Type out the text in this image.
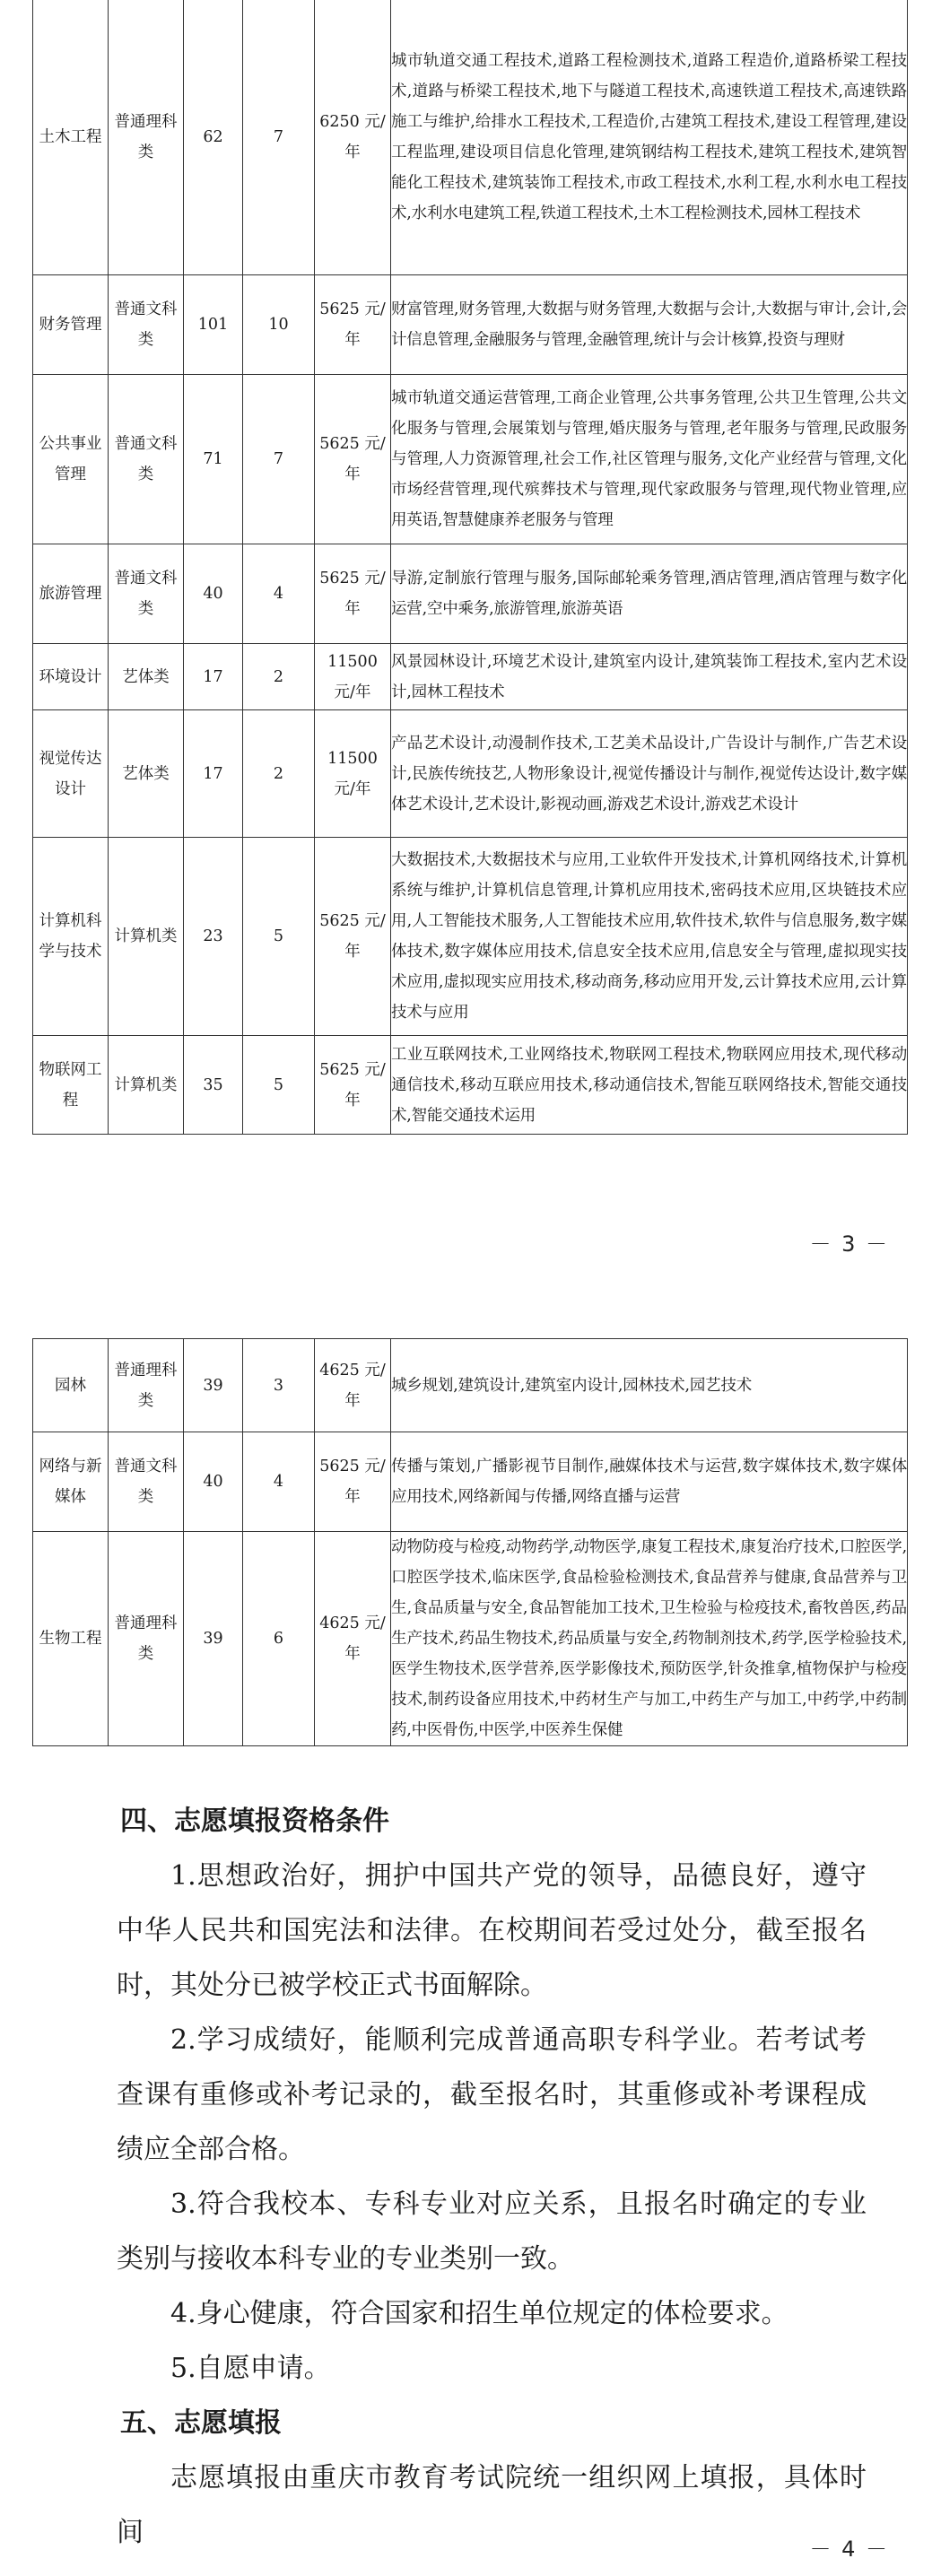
土木工程	普通理科类	62	7	6250 元/年	城市轨道交通工程技术,道路工程检测技术,道路工程造价,道路桥梁工程技术,道路与桥梁工程技术,地下与隧道工程技术,高速铁道工程技术,高速铁路施工与维护,给排水工程技术,工程造价,古建筑工程技术,建设工程管理,建设工程监理,建设项目信息化管理,建筑钢结构工程技术,建筑工程技术,建筑智能化工程技术,建筑装饰工程技术,市政工程技术,水利工程,水利水电工程技术,水利水电建筑工程,铁道工程技术,土木工程检测技术,园林工程技术
财务管理	普通文科类	101	10	5625 元/年	财富管理,财务管理,大数据与财务管理,大数据与会计,大数据与审计,会计,会计信息管理,金融服务与管理,金融管理,统计与会计核算,投资与理财
公共事业管理	普通文科类	71	7	5625 元/年	城市轨道交通运营管理,工商企业管理,公共事务管理,公共卫生管理,公共文化服务与管理,会展策划与管理,婚庆服务与管理,老年服务与管理,民政服务与管理,人力资源管理,社会工作,社区管理与服务,文化产业经营与管理,文化市场经营管理,现代殡葬技术与管理,现代家政服务与管理,现代物业管理,应用英语,智慧健康养老服务与管理
旅游管理	普通文科类	40	4	5625 元/年	导游,定制旅行管理与服务,国际邮轮乘务管理,酒店管理,酒店管理与数字化运营,空中乘务,旅游管理,旅游英语
环境设计	艺体类	17	2	11500 元/年	风景园林设计,环境艺术设计,建筑室内设计,建筑装饰工程技术,室内艺术设计,园林工程技术
视觉传达设计	艺体类	17	2	11500 元/年	产品艺术设计,动漫制作技术,工艺美术品设计,广告设计与制作,广告艺术设计,民族传统技艺,人物形象设计,视觉传播设计与制作,视觉传达设计,数字媒体艺术设计,艺术设计,影视动画,游戏艺术设计,游戏艺术设计
计算机科学与技术	计算机类	23	5	5625 元/年	大数据技术,大数据技术与应用,工业软件开发技术,计算机网络技术,计算机系统与维护,计算机信息管理,计算机应用技术,密码技术应用,区块链技术应用,人工智能技术服务,人工智能技术应用,软件技术,软件与信息服务,数字媒体技术,数字媒体应用技术,信息安全技术应用,信息安全与管理,虚拟现实技术应用,虚拟现实应用技术,移动商务,移动应用开发,云计算技术应用,云计算技术与应用
物联网工程	计算机类	35	5	5625 元/年	工业互联网技术,工业网络技术,物联网工程技术,物联网应用技术,现代移动通信技术,移动互联应用技术,移动通信技术,智能互联网络技术,智能交通技术,智能交通技术运用
－ 3 －
园林	普通理科类	39	3	4625 元/年	城乡规划,建筑设计,建筑室内设计,园林技术,园艺技术
网络与新媒体	普通文科类	40	4	5625 元/年	传播与策划,广播影视节目制作,融媒体技术与运营,数字媒体技术,数字媒体应用技术,网络新闻与传播,网络直播与运营
生物工程	普通理科类	39	6	4625 元/年	动物防疫与检疫,动物药学,动物医学,康复工程技术,康复治疗技术,口腔医学,口腔医学技术,临床医学,食品检验检测技术,食品营养与健康,食品营养与卫生,食品质量与安全,食品智能加工技术,卫生检验与检疫技术,畜牧兽医,药品生产技术,药品生物技术,药品质量与安全,药物制剂技术,药学,医学检验技术,医学生物技术,医学营养,医学影像技术,预防医学,针灸推拿,植物保护与检疫技术,制药设备应用技术,中药材生产与加工,中药生产与加工,中药学,中药制药,中医骨伤,中医学,中医养生保健
四、志愿填报资格条件
1.思想政治好，拥护中国共产党的领导，品德良好，遵守中华人民共和国宪法和法律。在校期间若受过处分，截至报名时，其处分已被学校正式书面解除。
2.学习成绩好，能顺利完成普通高职专科学业。若考试考查课有重修或补考记录的，截至报名时，其重修或补考课程成绩应全部合格。
3.符合我校本、专科专业对应关系，且报名时确定的专业类别与接收本科专业的专业类别一致。
4.身心健康，符合国家和招生单位规定的体检要求。
5.自愿申请。
五、志愿填报
志愿填报由重庆市教育考试院统一组织网上填报，具体时间
－ 4 －
